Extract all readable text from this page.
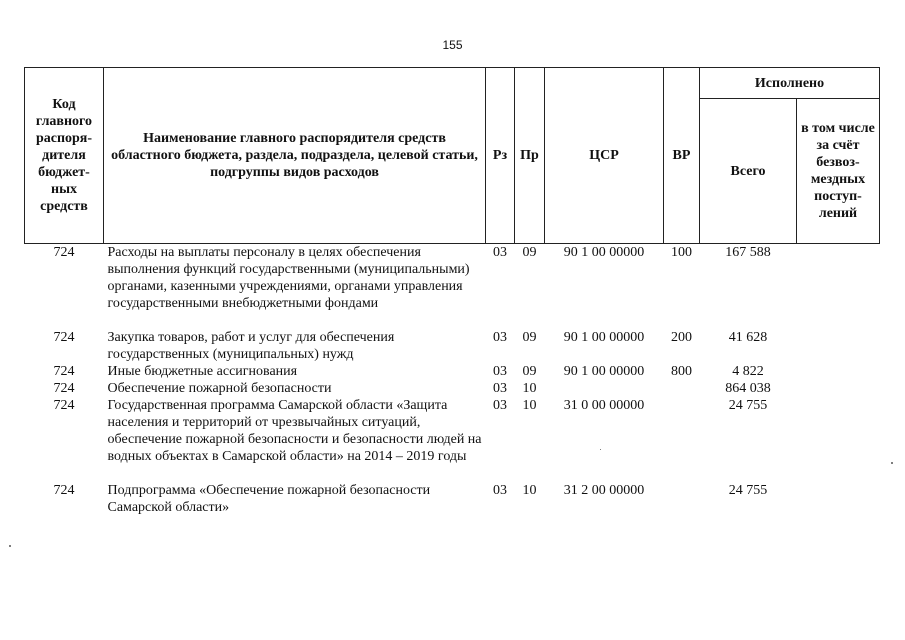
155
Код главного распоря-дителя бюджет-ных средств	Наименование главного распорядителя средств областного бюджета, раздела, подраздела, целевой статьи, подгруппы видов расходов	Рз	Пр	ЦСР	ВР	Исполнено	
						Всего	в том числе за счёт безвоз-мездных поступ-лений
724	Расходы на выплаты персоналу в целях обеспечения выполнения функций государственными (муниципальными) органами, казенными учреждениями, органами управления государственными внебюджетными фондами	03	09	90 1 00 00000	100	167 588	
724	Закупка товаров, работ и услуг для обеспечения государственных (муниципальных) нужд	03	09	90 1 00 00000	200	41 628	
724	Иные бюджетные ассигнования	03	09	90 1 00 00000	800	4 822	
724	Обеспечение пожарной безопасности	03	10			864 038	
724	Государственная программа Самарской области «Защита населения и территорий от чрезвычайных ситуаций, обеспечение пожарной безопасности и безопасности людей на водных объектах в Самарской области» на 2014 – 2019 годы	03	10	31 0 00 00000		24 755	
724	Подпрограмма «Обеспечение пожарной безопасности Самарской области»	03	10	31 2 00 00000		24 755	
